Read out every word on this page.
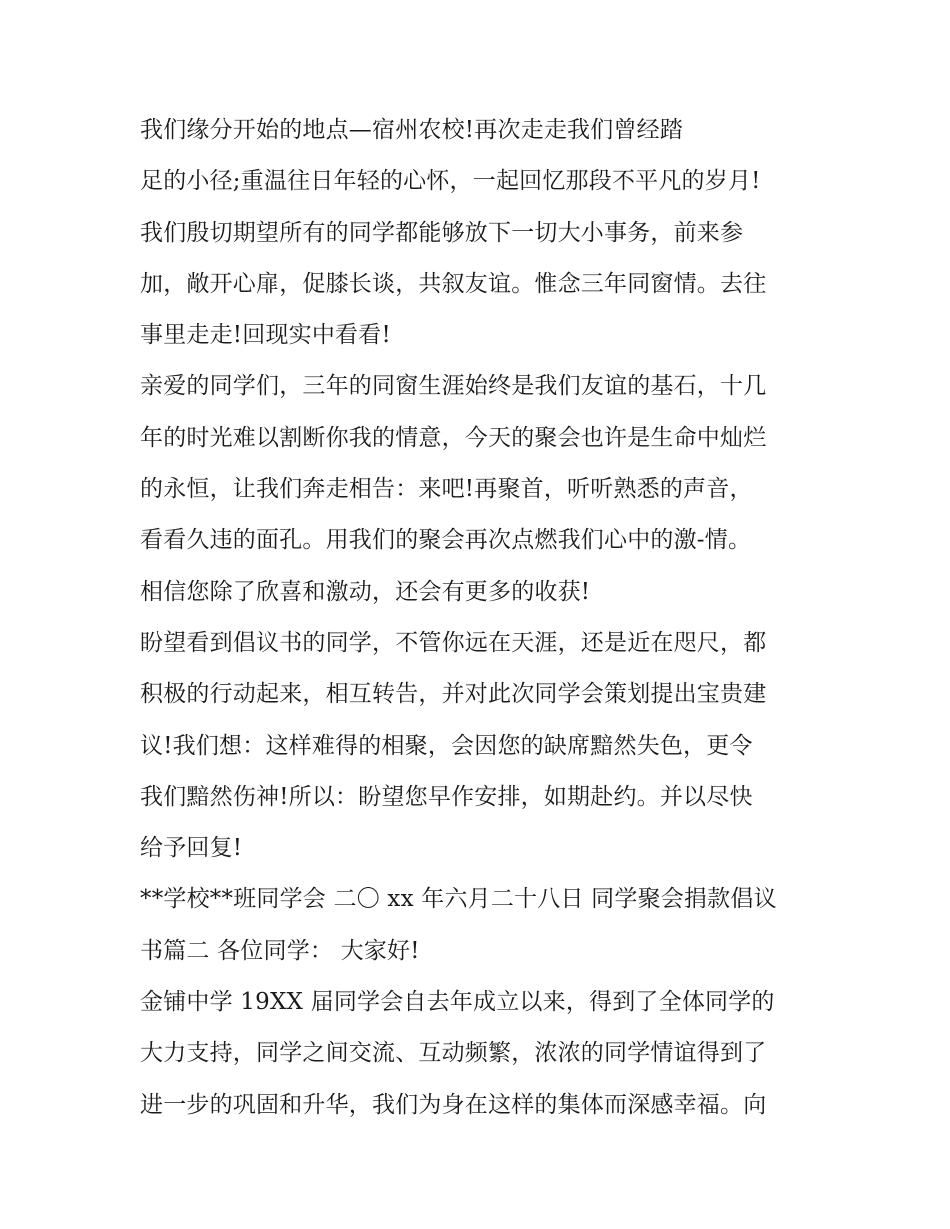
我们缘分开始的地点—宿州农校!再次走走我们曾经踏
足的小径;重温往日年轻的心怀，一起回忆那段不平凡的岁月!
我们殷切期望所有的同学都能够放下一切大小事务，前来参
加，敞开心扉，促膝长谈，共叙友谊。惟念三年同窗情。去往
事里走走!回现实中看看!
亲爱的同学们，三年的同窗生涯始终是我们友谊的基石，十几
年的时光难以割断你我的情意，今天的聚会也许是生命中灿烂
的永恒，让我们奔走相告：来吧!再聚首，听听熟悉的声音，
看看久违的面孔。用我们的聚会再次点燃我们心中的激-情。
相信您除了欣喜和激动，还会有更多的收获!
盼望看到倡议书的同学，不管你远在天涯，还是近在咫尺，都
积极的行动起来，相互转告，并对此次同学会策划提出宝贵建
议!我们想：这样难得的相聚，会因您的缺席黯然失色，更令
我们黯然伤神!所以：盼望您早作安排，如期赴约。并以尽快
给予回复!
**学校**班同学会 二〇 xx 年六月二十八日 同学聚会捐款倡议
书篇二 各位同学： 大家好!
金铺中学 19XX 届同学会自去年成立以来，得到了全体同学的
大力支持，同学之间交流、互动频繁，浓浓的同学情谊得到了
进一步的巩固和升华，我们为身在这样的集体而深感幸福。向
